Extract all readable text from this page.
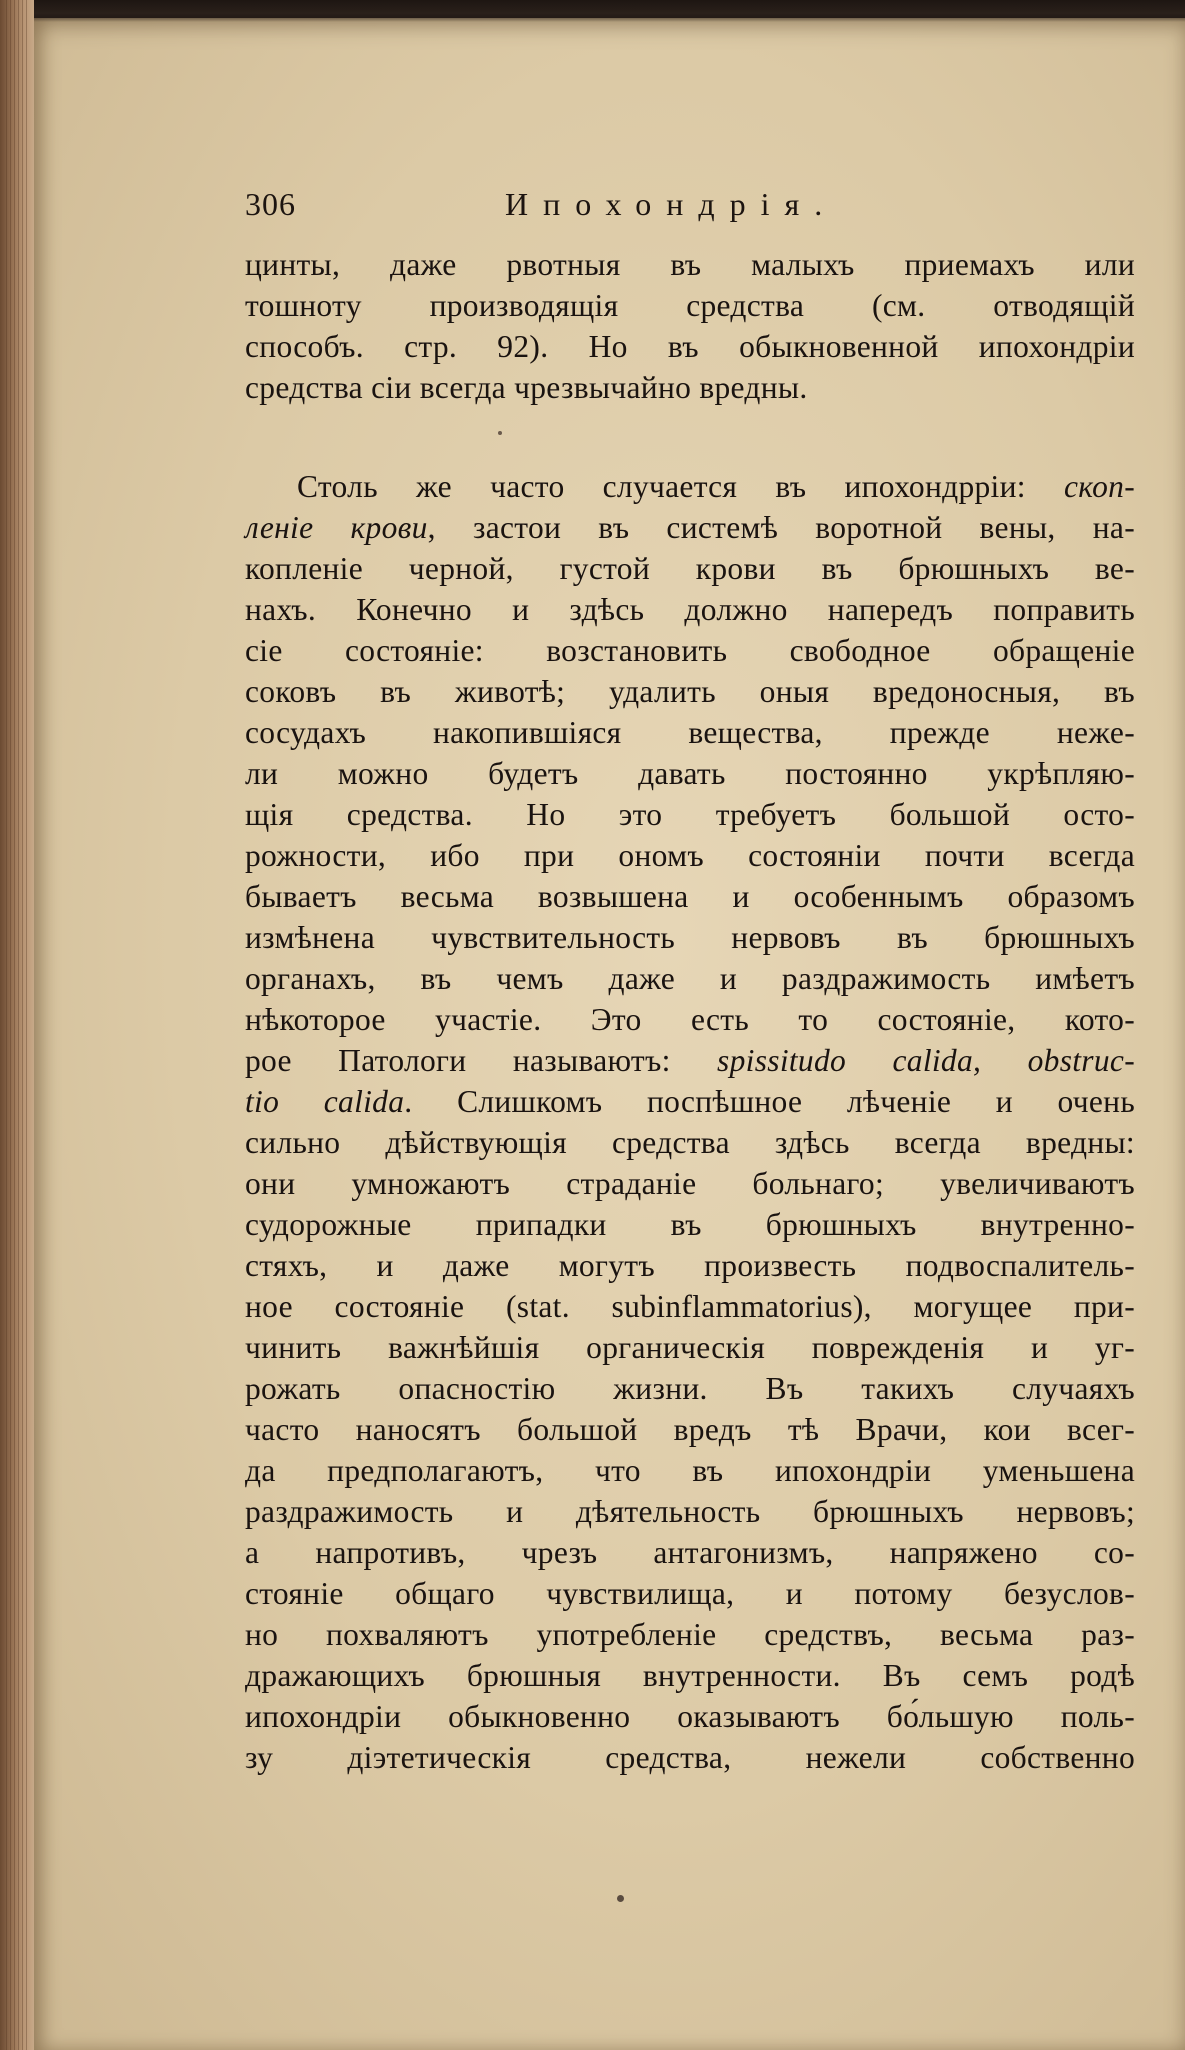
306	Ипохондрія.
цинты, даже рвотныя въ малыхъ приемахъ или
тошноту производящія средства (см. отводящій
способъ. стр. 92). Но въ обыкновенной ипохондріи
средства сіи всегда чрезвычайно вредны.
Столь же часто случается въ ипохондрріи: скоп-
леніе крови, застои въ системѣ воротной вены, на-
копленіе черной, густой крови въ брюшныхъ ве-
нахъ. Конечно и здѣсь должно напередъ поправить
сіе состояніе: возстановить свободное обращеніе
соковъ въ животѣ; удалить оныя вредоносныя, въ
сосудахъ накопившіяся вещества, прежде неже-
ли можно будетъ давать постоянно укрѣпляю-
щія средства. Но это требуетъ большой осто-
рожности, ибо при ономъ состояніи почти всегда
бываетъ весьма возвышена и особеннымъ образомъ
измѣнена чувствительность нервовъ въ брюшныхъ
органахъ, въ чемъ даже и раздражимость имѣетъ
нѣкоторое участіе. Это есть то состояніе, кото-
рое Патологи называютъ: spissitudo calida, obstruc-
tio calida. Слишкомъ поспѣшное лѣченіе и очень
сильно дѣйствующія средства здѣсь всегда вредны:
они умножаютъ страданіе больнаго; увеличиваютъ
судорожные припадки въ брюшныхъ внутренно-
стяхъ, и даже могутъ произвесть подвоспалитель-
ное состояніе (stat. subinflammatorius), могущее при-
чинить важнѣйшія органическія поврежденія и уг-
рожать опасностію жизни. Въ такихъ случаяхъ
часто наносятъ большой вредъ тѣ Врачи, кои всег-
да предполагаютъ, что въ ипохондріи уменьшена
раздражимость и дѣятельность брюшныхъ нервовъ;
а напротивъ, чрезъ антагонизмъ, напряжено со-
стояніе общаго чувствилища, и потому безуслов-
но похваляютъ употребленіе средствъ, весьма раз-
дражающихъ брюшныя внутренности. Въ семъ родѣ
ипохондріи обыкновенно оказываютъ бо́льшую поль-
зу діэтетическія средства, нежели собственно
